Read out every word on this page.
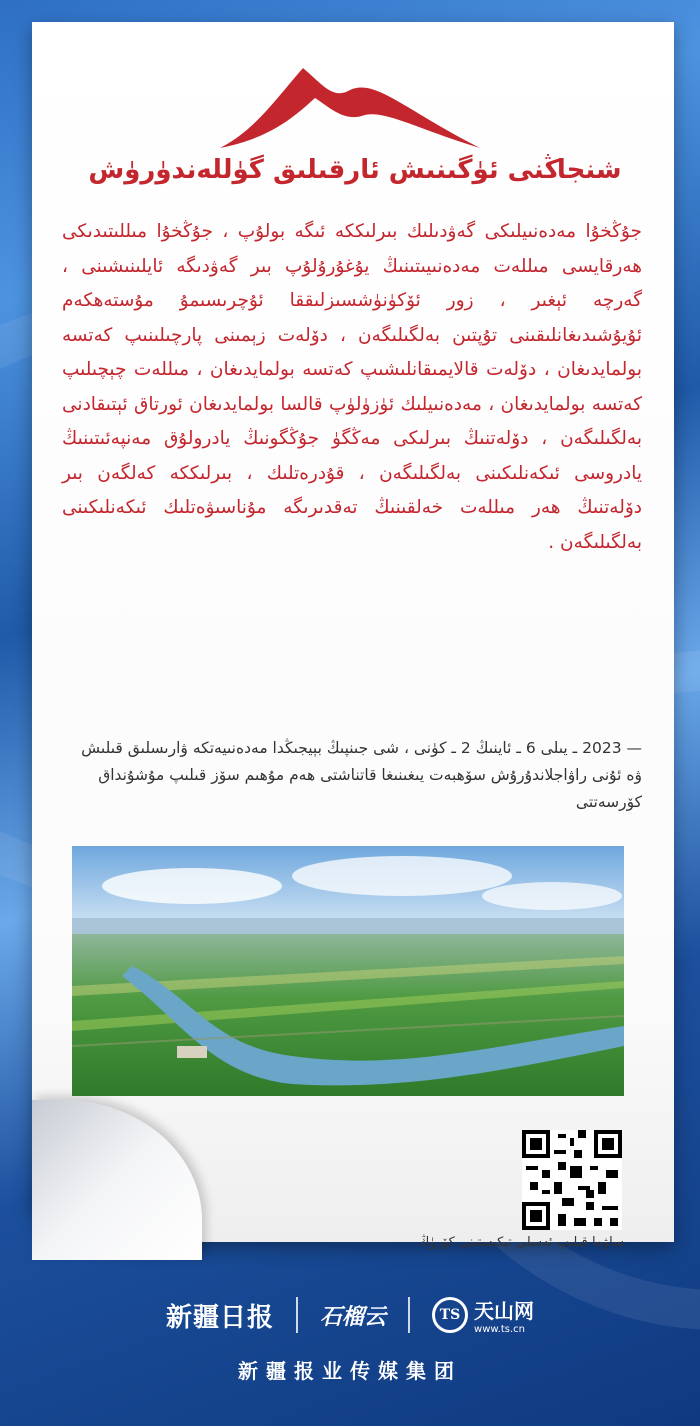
شنجاڭنى ئۈگىنىش ئارقىلىق گۈللەندۈرۈش
جۇڭخۇا مەدەنىيلىكى گەۋدىلىك بىرلىككە ئىگە بولۇپ ، جۇڭخۇا مىللىتىدىكى ھەرقايسى مىللەت مەدەنىيىتىنىڭ يۇغۇرۇلۇپ بىر گەۋدىگە ئايلىنىشىنى ، گەرچە ئېغىر ، زور ئۆكۈنۈشسىزلىققا ئۇچرىسىمۇ مۇستەھكەم ئۇيۇشىدىغانلىقىنى تۇپتىن بەلگىلىگەن ، دۆلەت زېمىنى پارچىلىنىپ كەتسە بولمايدىغان ، دۆلەت قالايمىقانلىشىپ كەتسە بولمايدىغان ، مىللەت چېچىلىپ كەتسە بولمايدىغان ، مەدەنىيلىك ئۈزۈلۈپ قالسا بولمايدىغان ئورتاق ئېتىقادنى بەلگىلىگەن ، دۆلەتنىڭ بىرلىكى مەڭگۈ جۇڭگونىڭ يادرولۇق مەنپەئىتىنىڭ يادروسى ئىكەنلىكىنى بەلگىلىگەن ، قۇدرەتلىك ، بىرلىككە كەلگەن بىر دۆلەتنىڭ ھەر مىللەت خەلقىنىڭ تەقدىرىگە مۇناسىۋەتلىك ئىكەنلىكىنى بەلگىلىگەن .
— 2023 ـ يىلى 6 ـ ئاينىڭ 2 ـ كۈنى ، شى جىنپىڭ بېيجىڭدا مەدەنىيەتكە ۋارىسلىق قىلىش ۋە ئۇنى راۋاجلاندۇرۇش سۆھبەت يىغىنىغا قاتناشتى ھەم مۇھىم سۆز قىلىپ مۇشۇنداق كۆرسەتتى
ساۋما قىلىپ ئەسلي تېكىستىنى كۆرۈڭ
新疆日报 石榴云	TS 天山网
www.ts.cn
新疆报业传媒集团
